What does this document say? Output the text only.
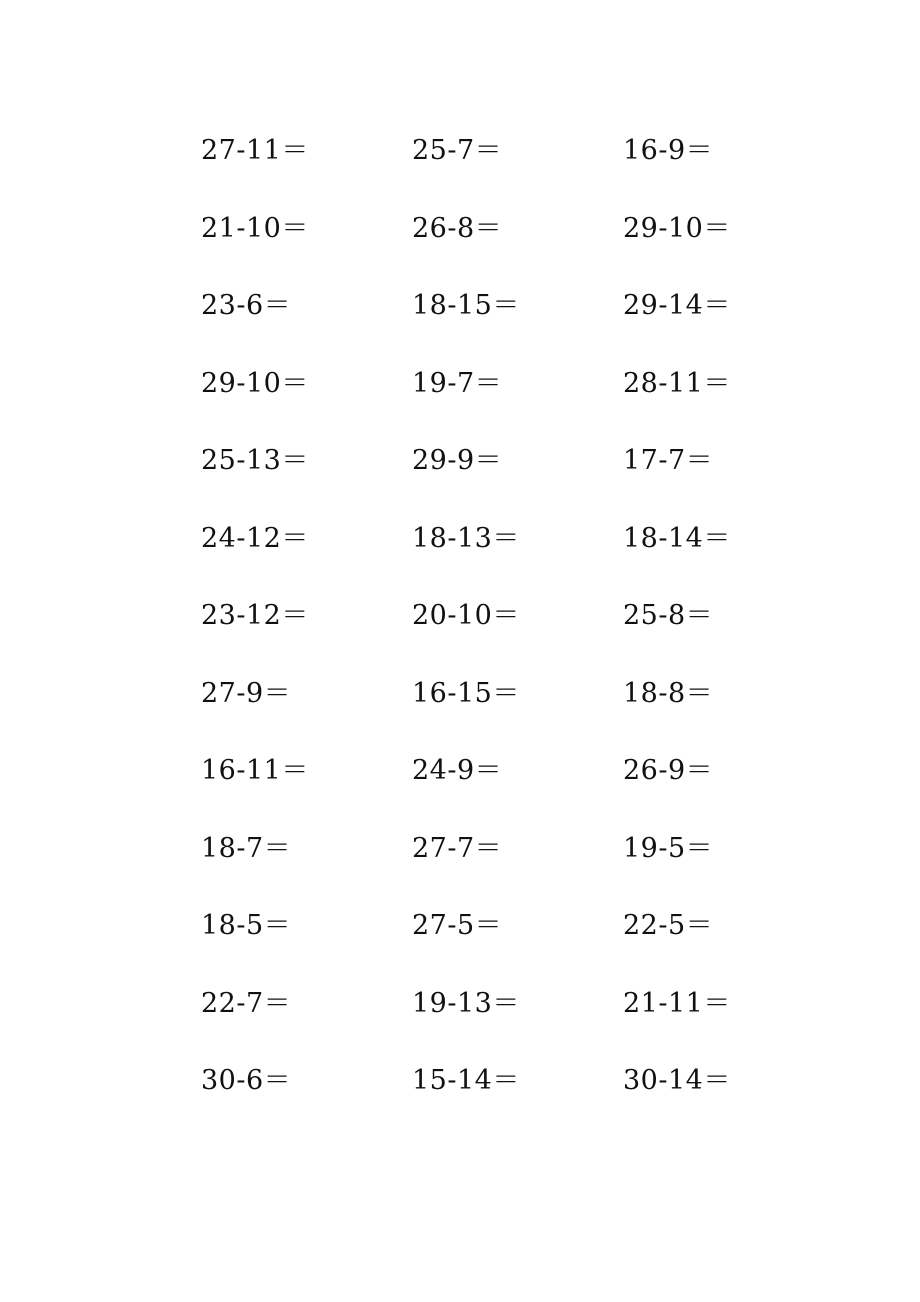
27-11＝	25-7＝	16-9＝
21-10＝	26-8＝	29-10＝
23-6＝	18-15＝	29-14＝
29-10＝	19-7＝	28-11＝
25-13＝	29-9＝	17-7＝
24-12＝	18-13＝	18-14＝
23-12＝	20-10＝	25-8＝
27-9＝	16-15＝	18-8＝
16-11＝	24-9＝	26-9＝
18-7＝	27-7＝	19-5＝
18-5＝	27-5＝	22-5＝
22-7＝	19-13＝	21-11＝
30-6＝	15-14＝	30-14＝
